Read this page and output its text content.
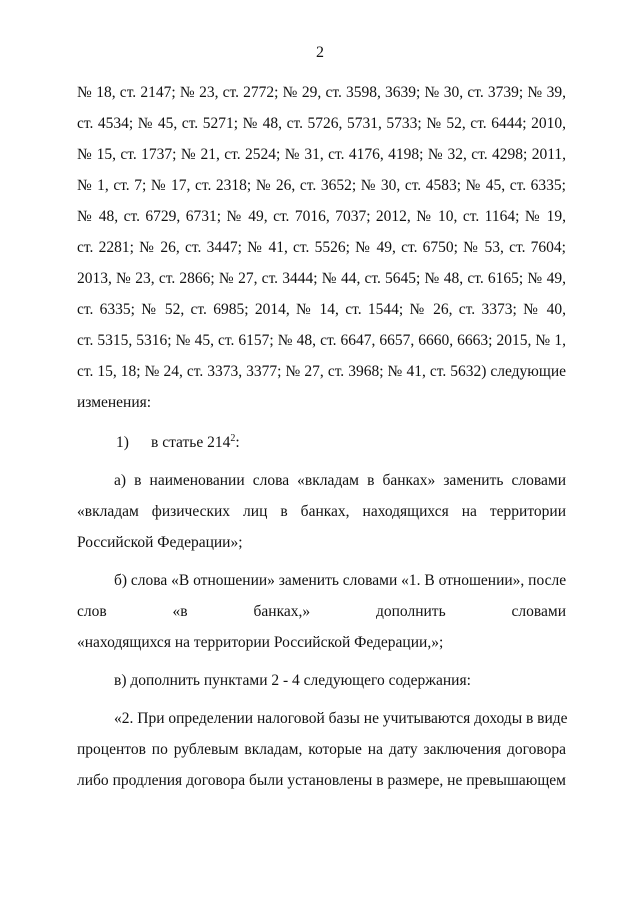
2
№ 18, ст. 2147; № 23, ст. 2772; № 29, ст. 3598, 3639; № 30, ст. 3739; № 39,
ст. 4534; № 45, ст. 5271; № 48, ст. 5726, 5731, 5733; № 52, ст. 6444; 2010,
№ 15, ст. 1737; № 21, ст. 2524; № 31, ст. 4176, 4198; № 32, ст. 4298; 2011,
№ 1, ст. 7; № 17, ст. 2318; № 26, ст. 3652; № 30, ст. 4583; № 45, ст. 6335;
№ 48, ст. 6729, 6731; № 49, ст. 7016, 7037; 2012, № 10, ст. 1164; № 19,
ст. 2281; № 26, ст. 3447; № 41, ст. 5526; № 49, ст. 6750; № 53, ст. 7604;
2013, № 23, ст. 2866; № 27, ст. 3444; № 44, ст. 5645; № 48, ст. 6165; № 49,
ст. 6335; № 52, ст. 6985; 2014, № 14, ст. 1544; № 26, ст. 3373; № 40,
ст. 5315, 5316; № 45, ст. 6157; № 48, ст. 6647, 6657, 6660, 6663; 2015, № 1,
ст. 15, 18; № 24, ст. 3373, 3377; № 27, ст. 3968; № 41, ст. 5632) следующие
изменения:
1) в статье $214^2$:
а) в наименовании слова «вкладам в банках» заменить словами
«вкладам физических лиц в банках, находящихся на территории
Российской Федерации»;
б) слова «В отношении» заменить словами «1. В отношении», после
слов «в банках,» дополнить словами
«находящихся на территории Российской Федерации,»;
в) дополнить пунктами 2 - 4 следующего содержания:
«2. При определении налоговой базы не учитываются доходы в виде
процентов по рублевым вкладам, которые на дату заключения договора
либо продления договора были установлены в размере, не превышающем
